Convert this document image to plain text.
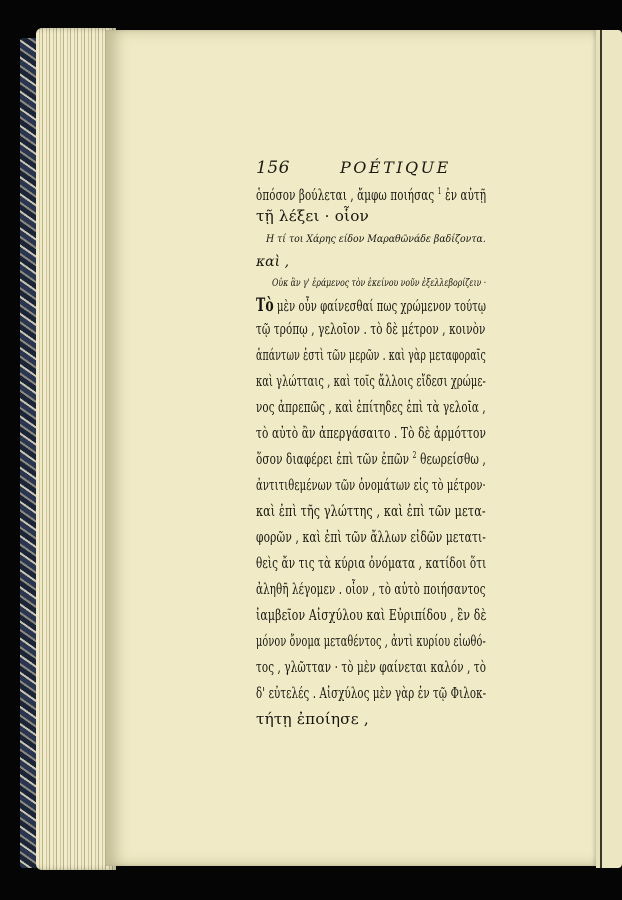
156	POÉTIQUE
ὁπόσον βούλεται , ἄμφω ποιήσας $^1$ ἐν αὐτῇ
τῇ λέξει · οἷον
Η τί τοι Χάρης είδον Μαραθῶνάδε βαδίζοντα.
καὶ ,
Οὐκ ἂν γ' ἐράμενος τὸν ἐκείνου νοῦν ἐξελλεβορίζειν ·
Τὸ μὲν οὖν φαίνεσθαί πως χρώμενον τούτῳ
τῷ τρόπῳ , γελοῖον . τὸ δὲ μέτρον , κοινὸν
ἁπάντων ἐστὶ τῶν μερῶν . καὶ γὰρ μεταφοραῖς
καὶ γλώτταις , καὶ τοῖς ἄλλοις εἴδεσι χρώμε-
νος ἀπρεπῶς , καὶ ἐπίτηδες ἐπὶ τὰ γελοῖα ,
τὸ αὐτὸ ἂν ἀπεργάσαιτο . Τὸ δὲ ἁρμόττον
ὅσον διαφέρει ἐπὶ τῶν ἐπῶν $^2$ θεωρείσθω ,
ἀντιτιθεμένων τῶν ὀνομάτων εἰς τὸ μέτρον·
καὶ ἐπὶ τῆς γλώττης , καὶ ἐπὶ τῶν μετα-
φορῶν , καὶ ἐπὶ τῶν ἄλλων εἰδῶν μετατι-
θεὶς ἄν τις τὰ κύρια ὀνόματα , κατίδοι ὅτι
ἀληθῆ λέγομεν . οἷον , τὸ αὐτὸ ποιήσαντος
ἰαμβεῖον Αἰσχύλου καὶ Εὐριπίδου , ἓν δὲ
μόνον ὄνομα μεταθέντος , ἀντὶ κυρίου εἰωθό-
τος , γλῶτταν · τὸ μὲν φαίνεται καλόν , τὸ
δ' εὐτελές . Αἰσχύλος μὲν γὰρ ἐν τῷ Φιλοκ-
τήτῃ ἐποίησε ,
